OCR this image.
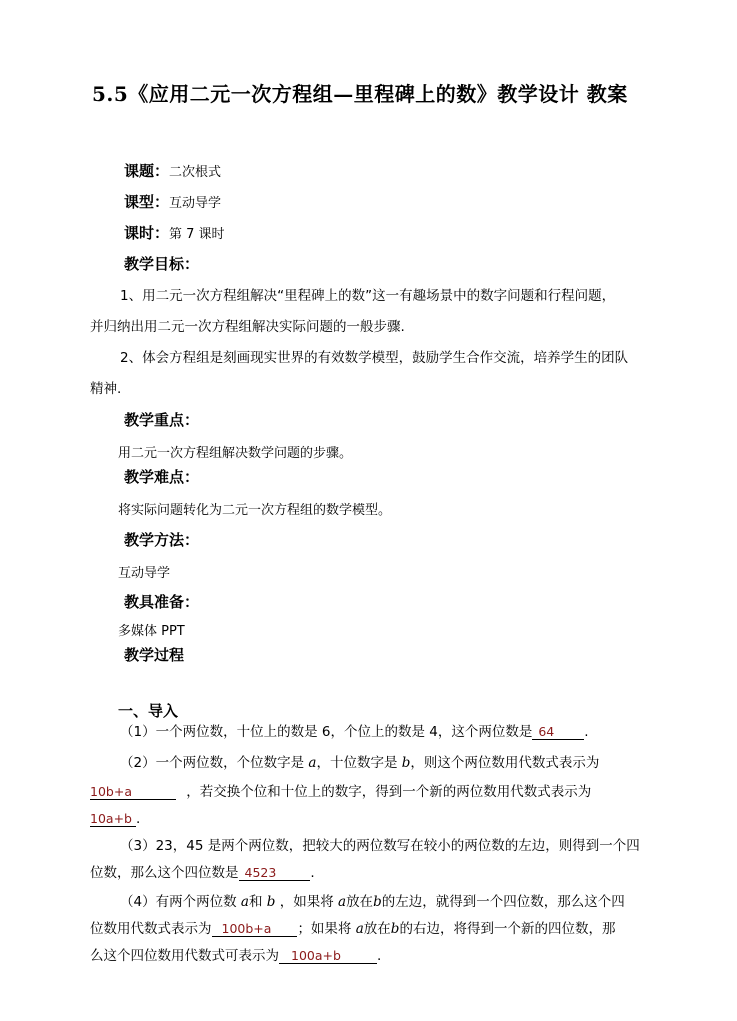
5.5《应用二元一次方程组—里程碑上的数》教学设计 教案
课题：二次根式
课型：互动导学
课时：第 7 课时
教学目标：
1、用二元一次方程组解决“里程碑上的数”这一有趣场景中的数字问题和行程问题，
并归纳出用二元一次方程组解决实际问题的一般步骤.
2、体会方程组是刻画现实世界的有效数学模型，鼓励学生合作交流，培养学生的团队
精神.
教学重点：
用二元一次方程组解决数学问题的步骤。
教学难点：
将实际问题转化为二元一次方程组的数学模型。
教学方法：
互动导学
教具准备：
多媒体 PPT
教学过程
一、导入
（1）一个两位数，十位上的数是 6，个位上的数是 4，这个两位数是 64 .
（2）一个两位数，个位数字是 a，十位数字是 b，则这个两位数用代数式表示为
10b+a	，若交换个位和十位上的数字，得到一个新的两位数用代数式表示为
10a+b .
（3）23，45 是两个两位数，把较大的两位数写在较小的两位数的左边，则得到一个四
位数，那么这个四位数是 4523	.
（4）有两个两位数 a和 b ，如果将 a放在b的左边，就得到一个四位数，那么这个四
位数用代数式表示为 100b+a ；如果将 a放在b的右边，将得到一个新的四位数，那
么这个四位数用代数式可表示为 100a+b	.
